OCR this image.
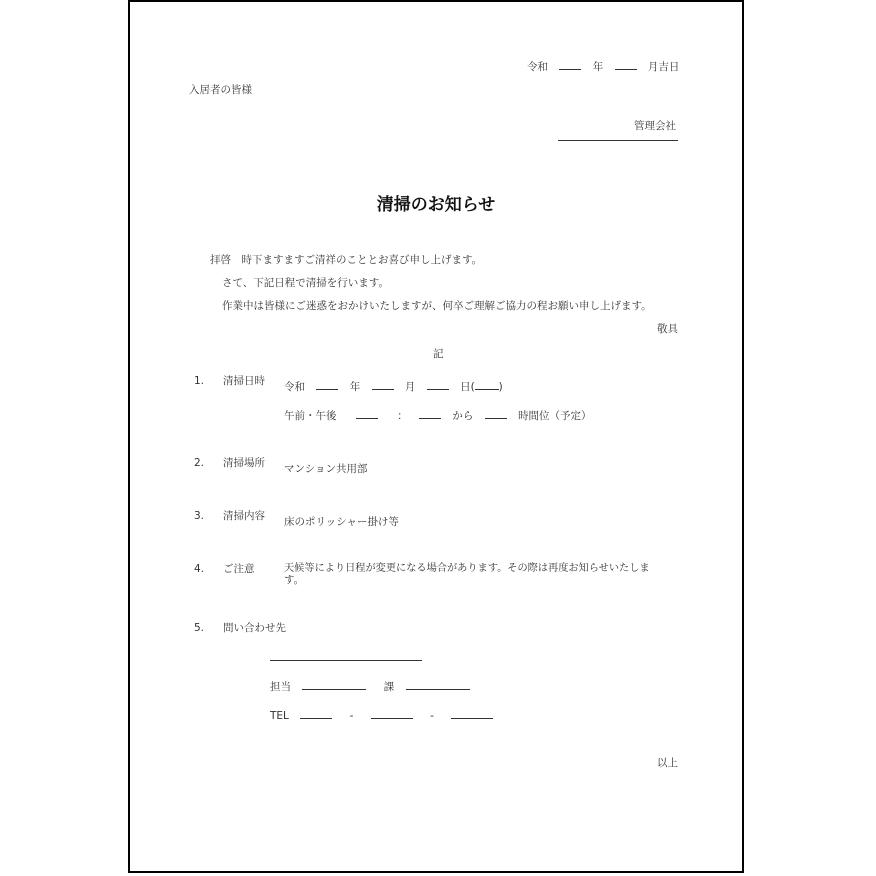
令和	年	月吉日
入居者の皆様
管理会社
清掃のお知らせ
拝啓　時下ますますご清祥のこととお喜び申し上げます。
さて、下記日程で清掃を行います。
作業中は皆様にご迷惑をおかけいたしますが、何卒ご理解ご協力の程お願い申し上げます。
敬具
記
1. 清掃日時 令和	年	月	日( )
午前・午後	：	から	時間位（予定）
2. 清掃場所 マンション共用部
3. 清掃内容 床のポリッシャー掛け等
4. ご注意	天候等により日程が変更になる場合があります。その際は再度お知らせいたしま
す。
5. 問い合わせ先
担当	課
TEL	-	-
以上
